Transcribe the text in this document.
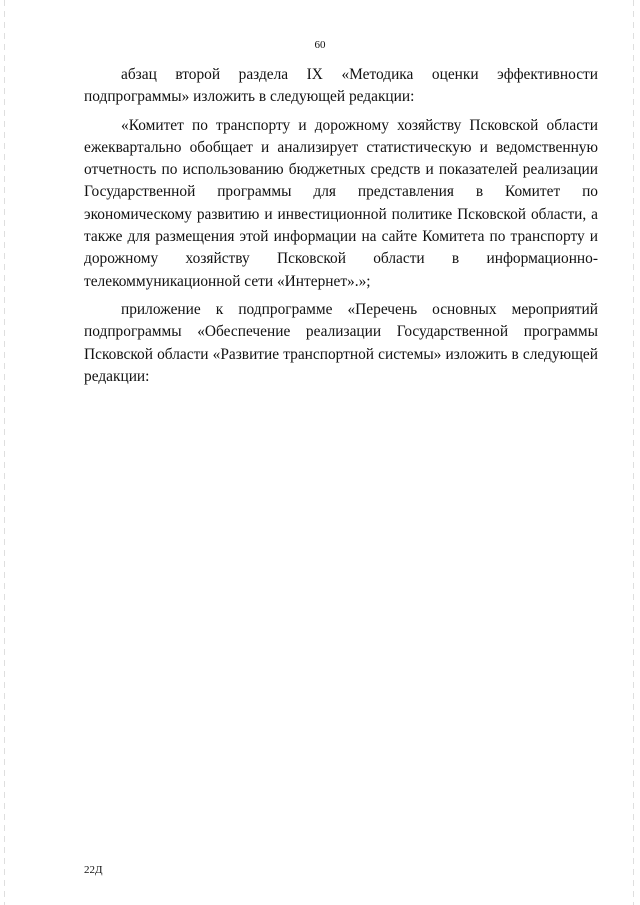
60

абзац второй раздела IX «Методика оценки эффективности подпрограммы» изложить в следующей редакции:

«Комитет по транспорту и дорожному хозяйству Псковской области ежеквартально обобщает и анализирует статистическую и ведомственную отчетность по использованию бюджетных средств и показателей реализации Государственной программы для представления в Комитет по экономическому развитию и инвестиционной политике Псковской области, а также для размещения этой информации на сайте Комитета по транспорту и дорожному хозяйству Псковской области в информационно-телекоммуникационной сети «Интернет».»;

приложение к подпрограмме «Перечень основных мероприятий подпрограммы «Обеспечение реализации Государственной программы Псковской области «Развитие транспортной системы» изложить в следующей редакции:

22Д
